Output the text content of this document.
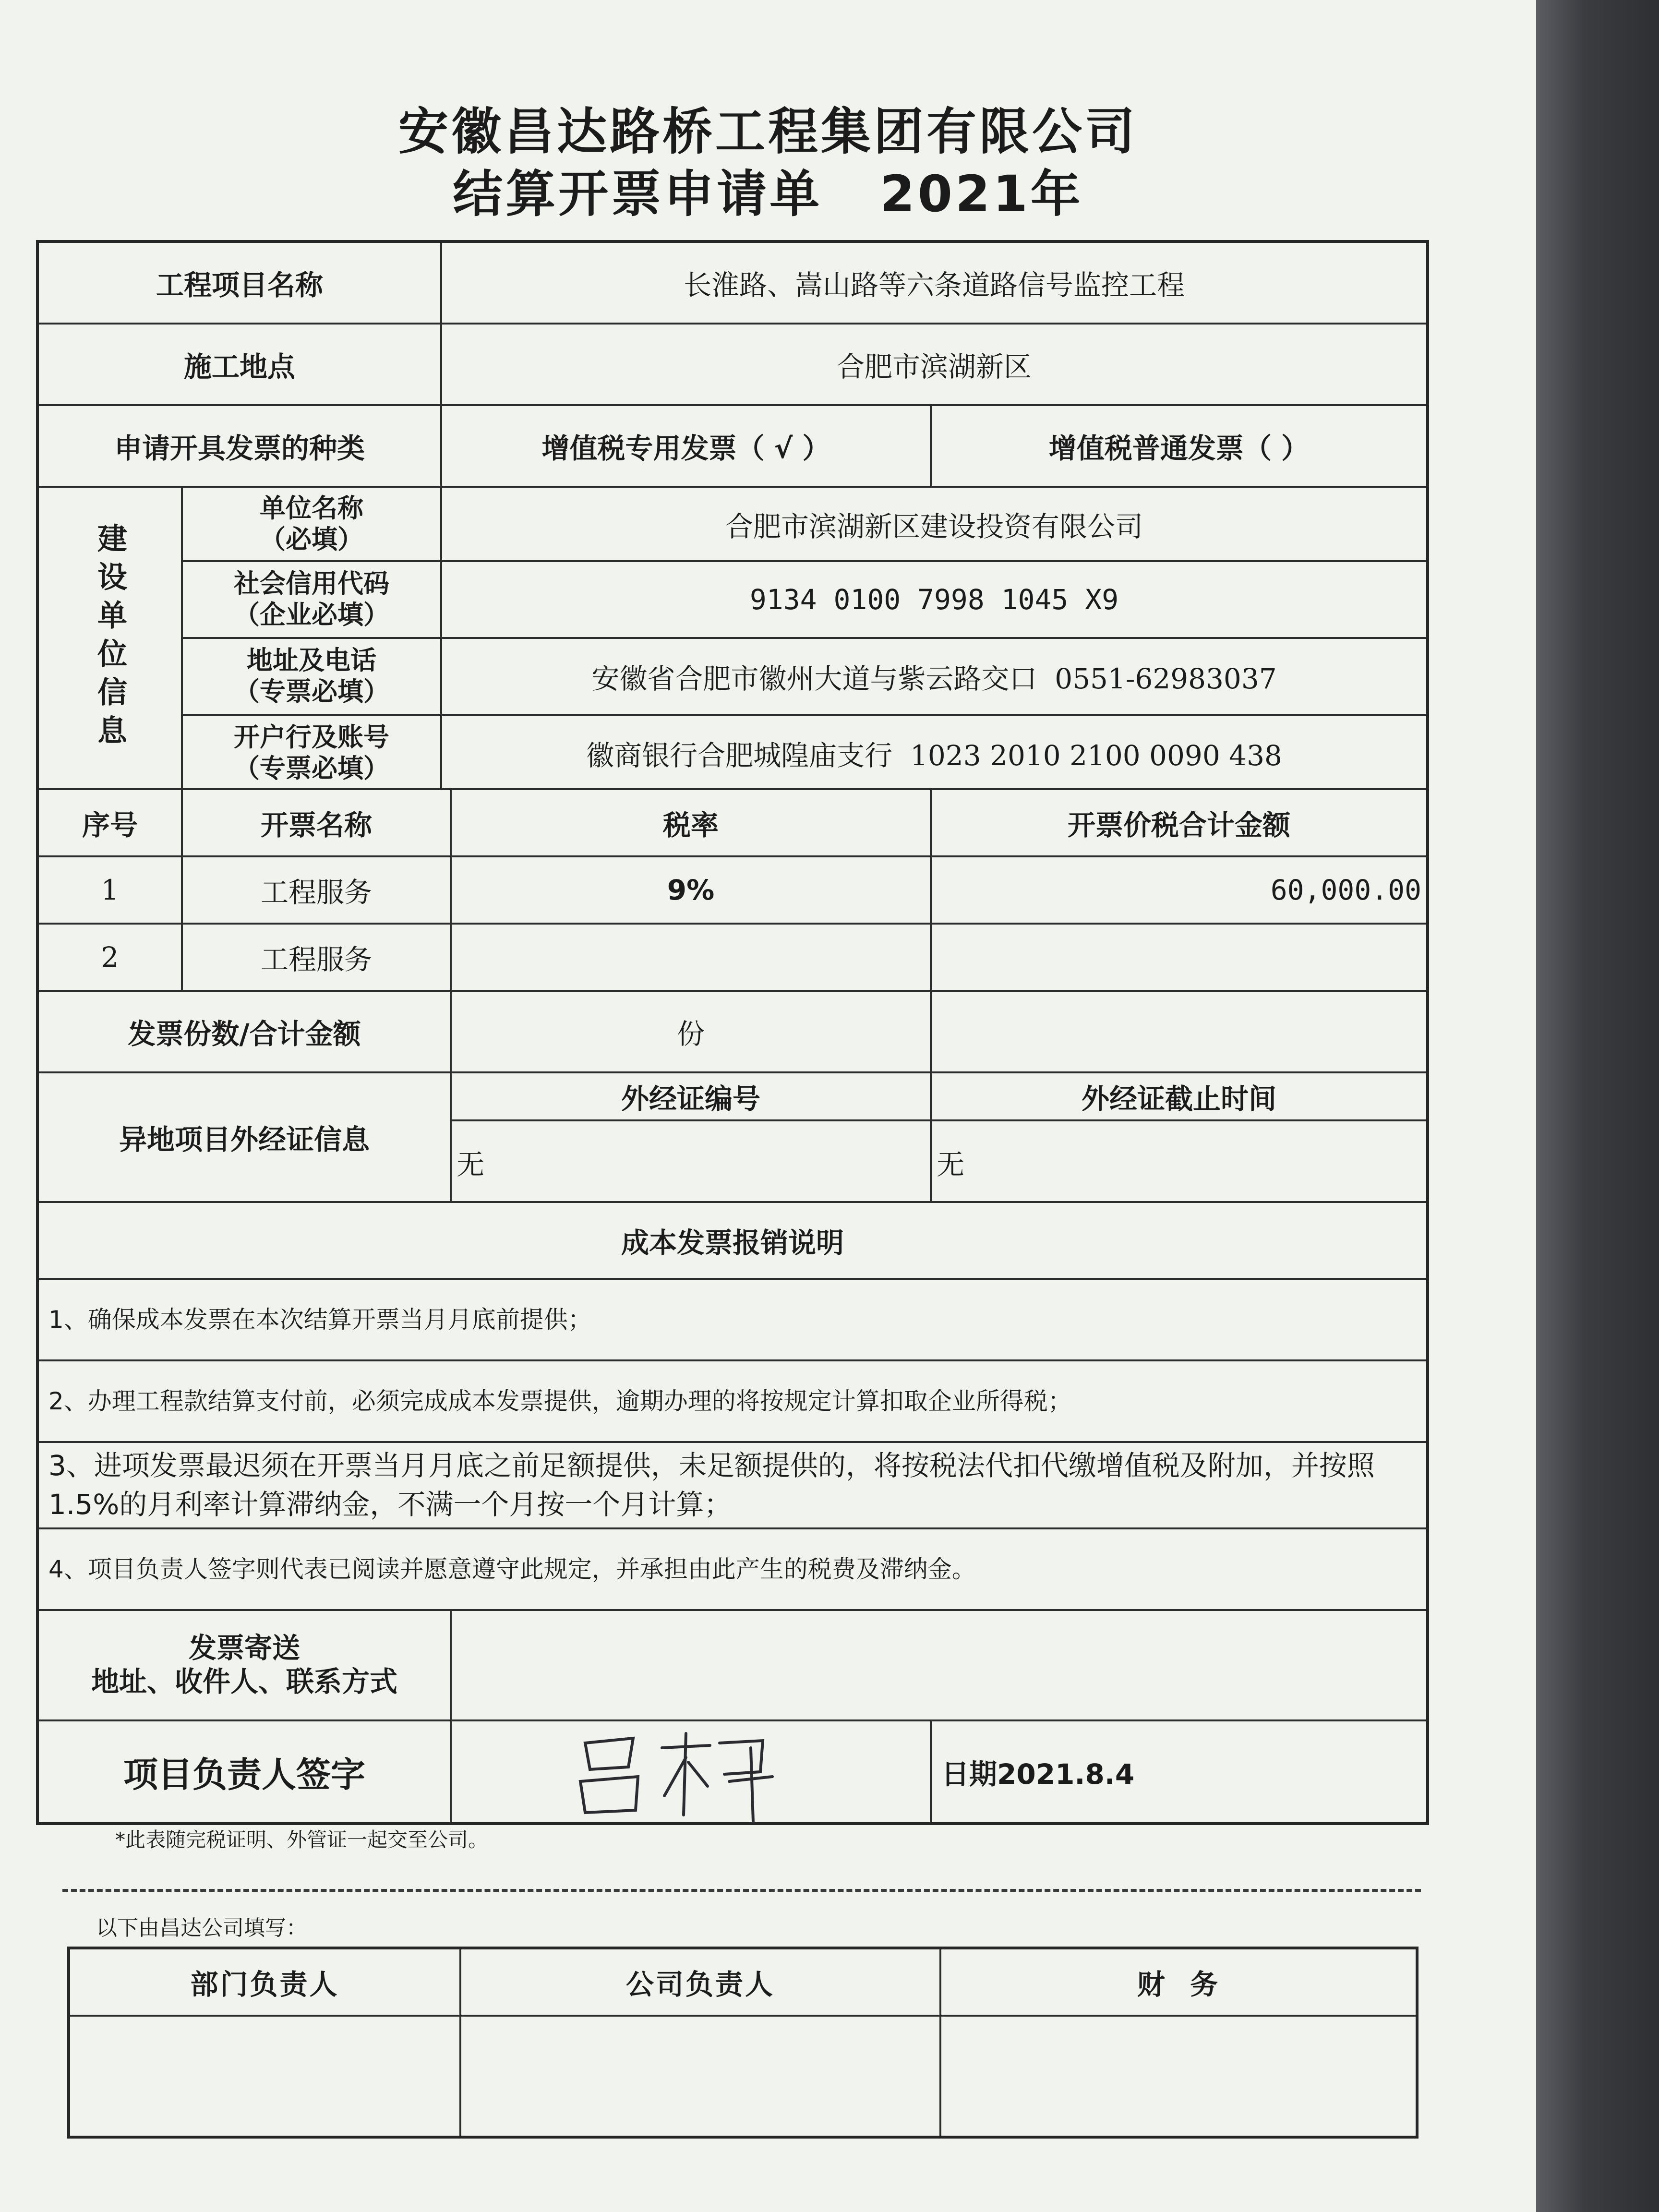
安徽昌达路桥工程集团有限公司
结算开票申请单 2021年
工程项目名称	长淮路、嵩山路等六条道路信号监控工程
施工地点	合肥市滨湖新区
申请开具发票的种类	增值税专用发票（ √ ）	增值税普通发票（ ）
建设单位信息
单位名称
（必填）	合肥市滨湖新区建设投资有限公司
社会信用代码
（企业必填）	9134 0100 7998 1045 X9
地址及电话
（专票必填）	安徽省合肥市徽州大道与紫云路交口  0551-62983037
开户行及账号
（专票必填）	徽商银行合肥城隍庙支行  1023 2010 2100 0090 438
序号	开票名称	税率	开票价税合计金额
1	工程服务	9%	60,000.00
2	工程服务
发票份数/合计金额	份
异地项目外经证信息
外经证编号	外经证截止时间
无	无
成本发票报销说明
1、确保成本发票在本次结算开票当月月底前提供；
2、办理工程款结算支付前，必须完成成本发票提供，逾期办理的将按规定计算扣取企业所得税；
3、进项发票最迟须在开票当月月底之前足额提供，未足额提供的，将按税法代扣代缴增值税及附加，并按照1.5%的月利率计算滞纳金，不满一个月按一个月计算；
4、项目负责人签字则代表已阅读并愿意遵守此规定，并承担由此产生的税费及滞纳金。
发票寄送
地址、收件人、联系方式
项目负责人签字	日期2021.8.4
*此表随完税证明、外管证一起交至公司。
以下由昌达公司填写：
部门负责人	公司负责人	财  务
